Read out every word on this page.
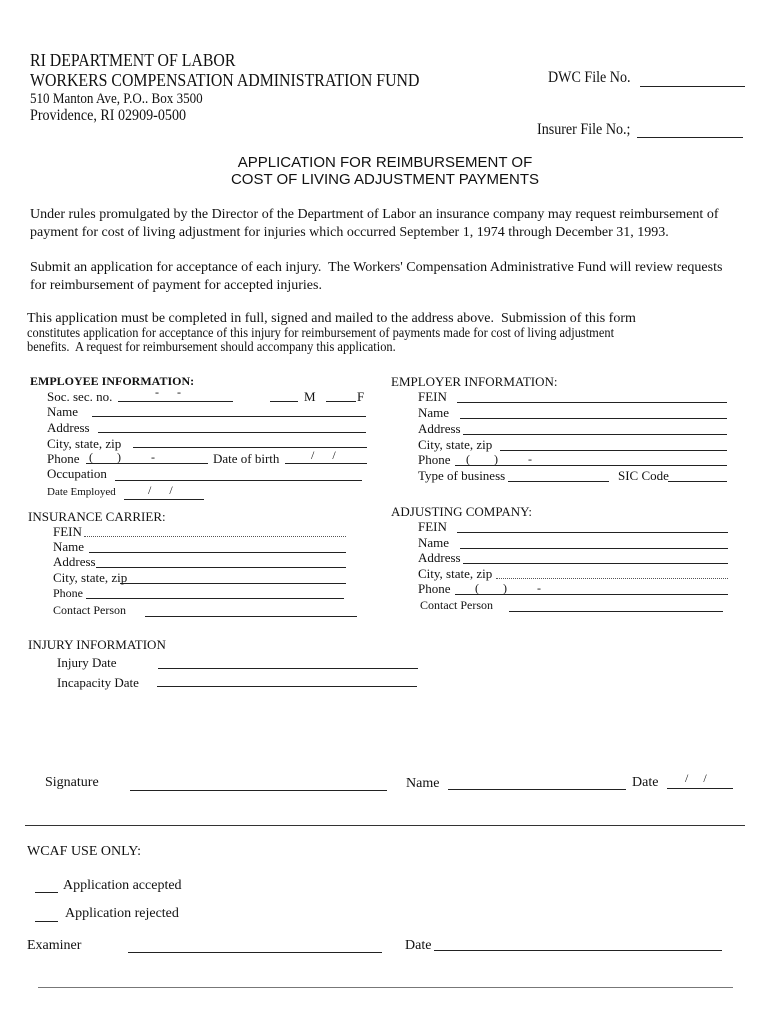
RI DEPARTMENT OF LABOR
WORKERS COMPENSATION ADMINISTRATION FUND
510 Manton Ave, P.O.. Box 3500
Providence, RI 02909-0500
DWC File No.
Insurer File No.;
APPLICATION FOR REIMBURSEMENT OF
COST OF LIVING ADJUSTMENT PAYMENTS
Under rules promulgated by the Director of the Department of Labor an insurance company may request reimbursement of
payment for cost of living adjustment for injuries which occurred September 1, 1974 through December 31, 1993.
Submit an application for acceptance of each injury.  The Workers' Compensation Administrative Fund will review requests
for reimbursement of payment for accepted injuries.
This application must be completed in full, signed and mailed to the address above.  Submission of this form
constitutes application for acceptance of this injury for reimbursement of payments made for cost of living adjustment
benefits.  A request for reimbursement should accompany this application.
EMPLOYEE INFORMATION:
Soc. sec. no.	-      -	M	F
Name
Address
City, state, zip
Phone (        )          -	Date of birth	/      /
Occupation
Date Employed	/      /
EMPLOYER INFORMATION:
FEIN
Name
Address
City, state, zip
Phone (        )          -
Type of business	SIC Code
INSURANCE CARRIER:
FEIN
Name
Address
City, state, zip
Phone
Contact Person
ADJUSTING COMPANY:
FEIN
Name
Address
City, state, zip
Phone (        )          -
Contact Person
INJURY INFORMATION
Injury Date
Incapacity Date
Signature	Name	Date /     /
WCAF USE ONLY:
Application accepted
Application rejected
Examiner	Date
